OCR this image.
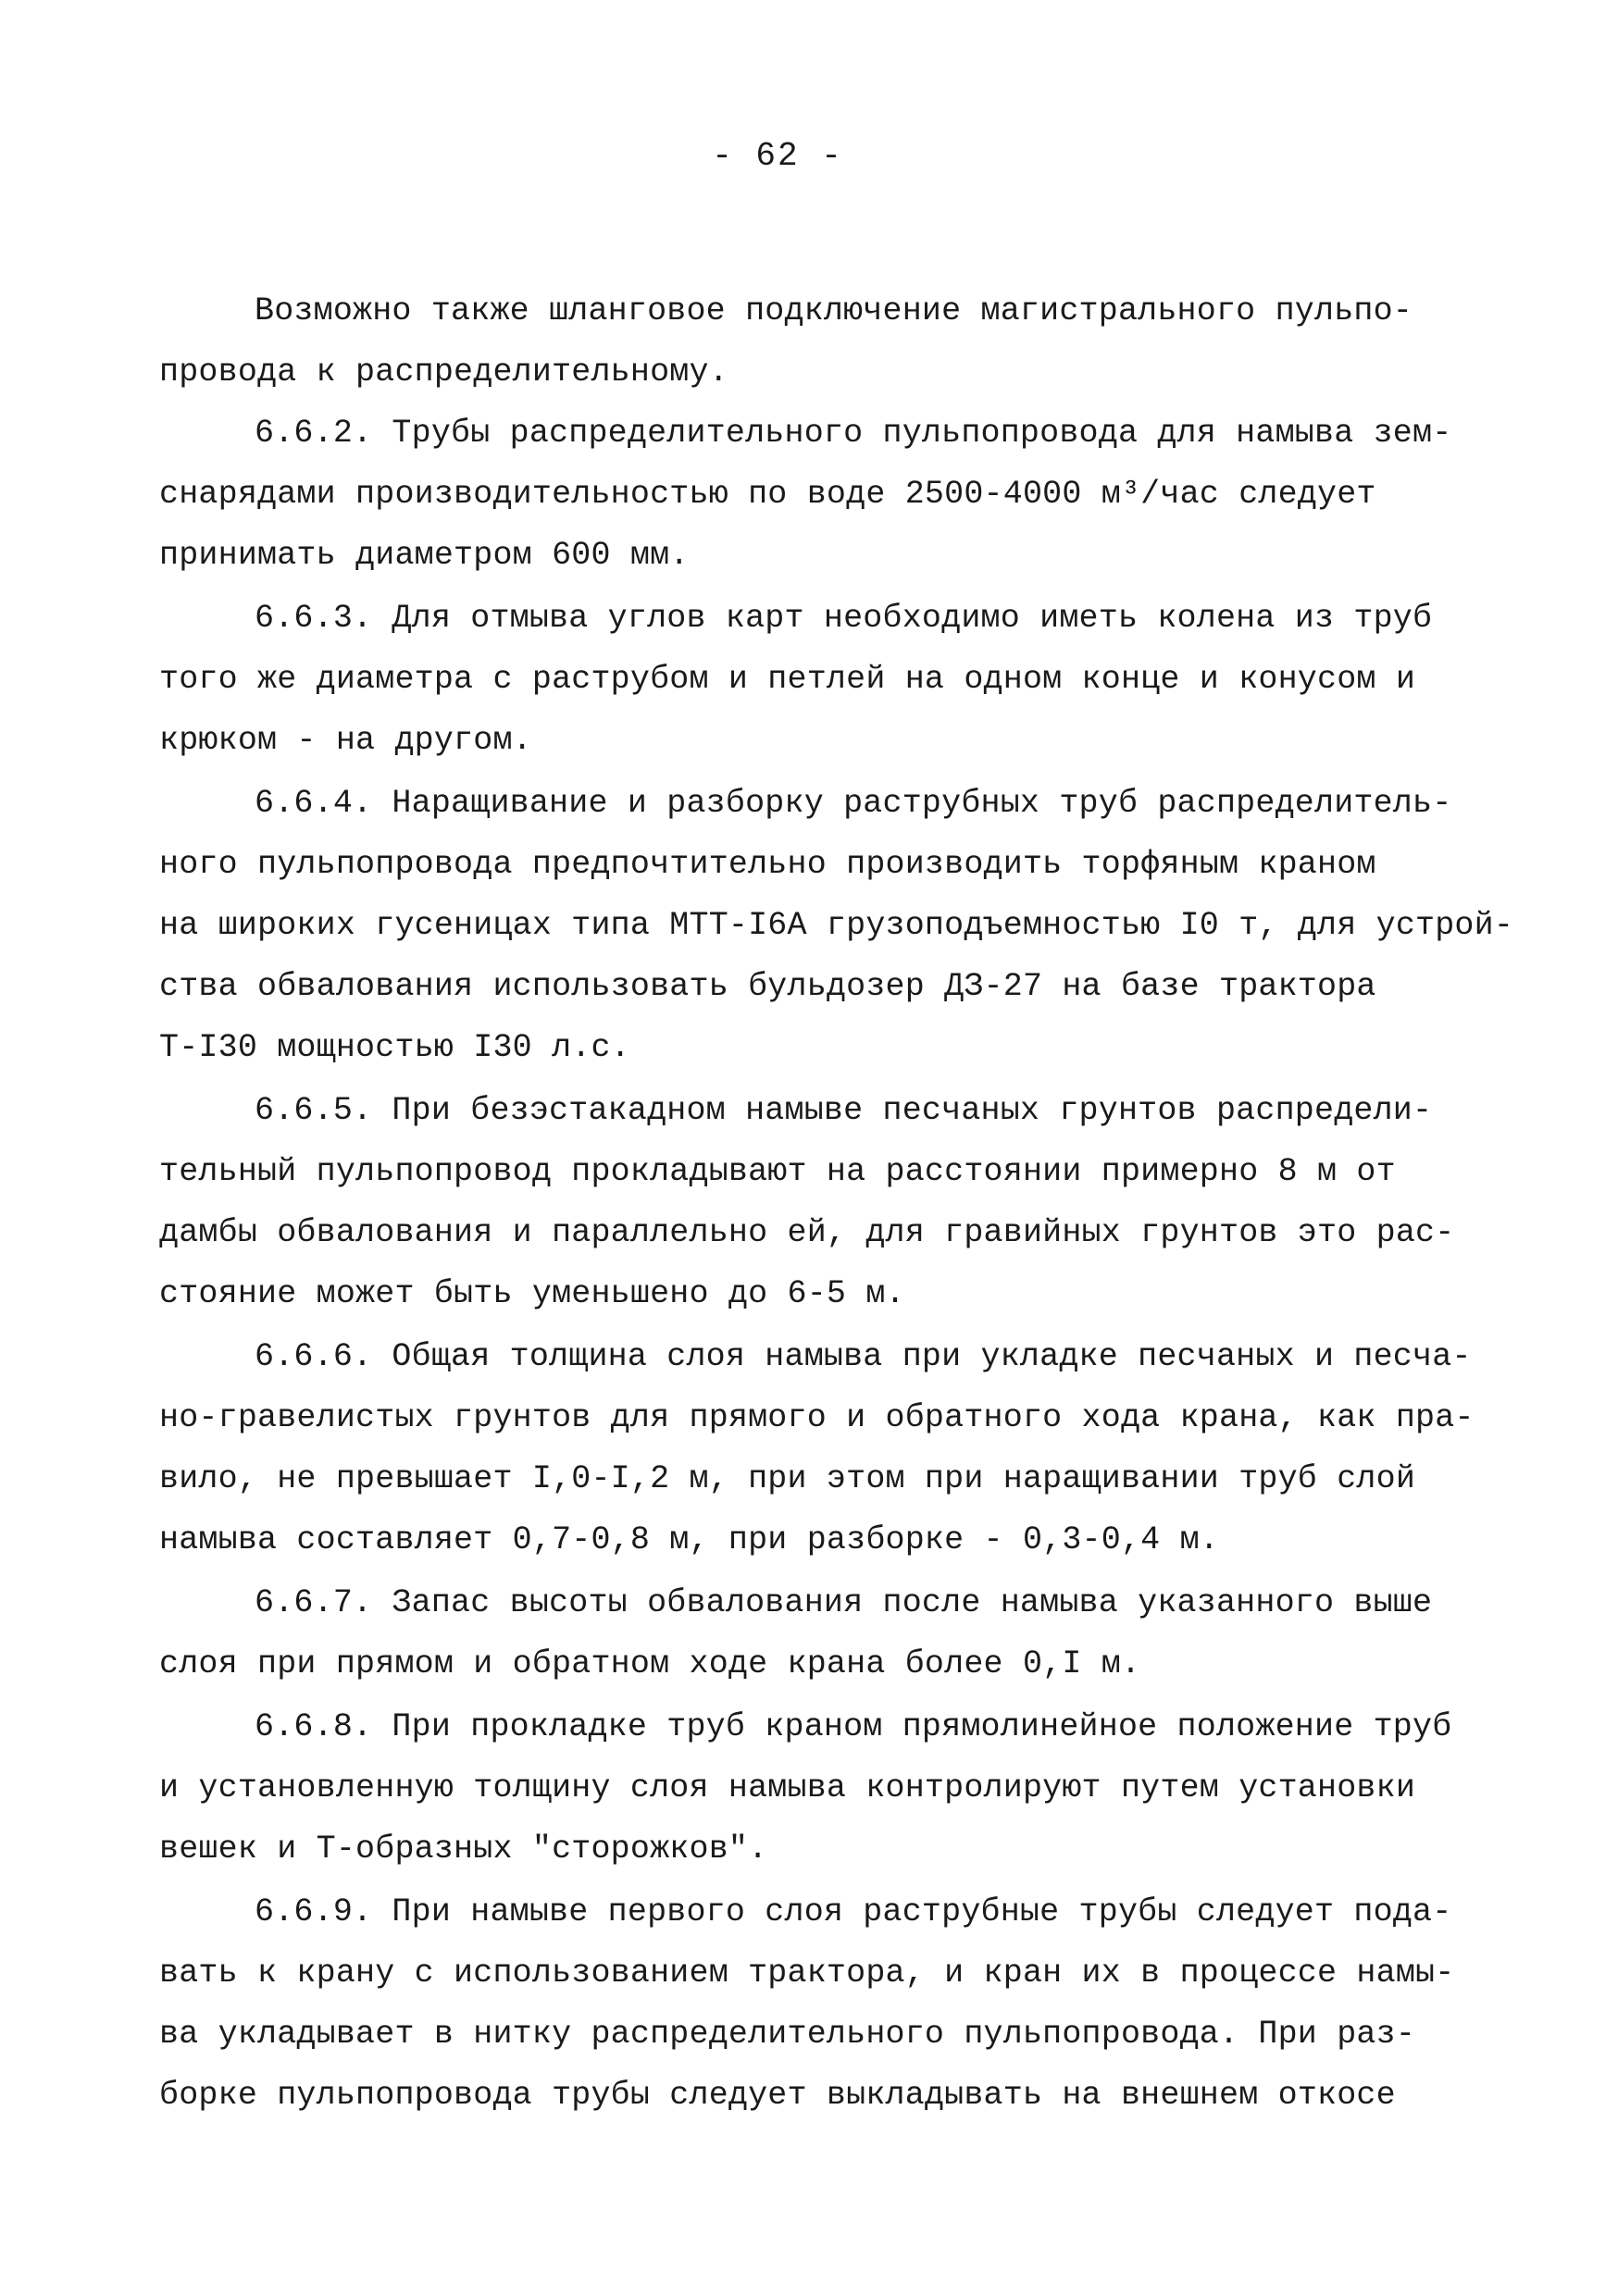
- 62 -
Возможно также шланговое подключение магистрального пульпо-
провода к распределительному.
6.6.2. Трубы распределительного пульпопровода для намыва зем-
снарядами производительностью по воде 2500-4000 м³/час следует
принимать диаметром 600 мм.
6.6.3. Для отмыва углов карт необходимо иметь колена из труб
того же диаметра с раструбом и петлей на одном конце и конусом и
крюком - на другом.
6.6.4. Наращивание и разборку раструбных труб распределитель-
ного пульпопровода предпочтительно производить торфяным краном
на широких гусеницах типа МТТ-I6А грузоподъемностью I0 т, для устрой-
ства обвалования использовать бульдозер ДЗ-27 на базе трактора
Т-I30 мощностью I30 л.с.
6.6.5. При безэстакадном намыве песчаных грунтов распредели-
тельный пульпопровод прокладывают на расстоянии примерно 8 м от
дамбы обвалования и параллельно ей, для гравийных грунтов это рас-
стояние может быть уменьшено до 6-5 м.
6.6.6. Общая толщина слоя намыва при укладке песчаных и песча-
но-гравелистых грунтов для прямого и обратного хода крана, как пра-
вило, не превышает I,0-I,2 м, при этом при наращивании труб слой
намыва составляет 0,7-0,8 м, при разборке - 0,3-0,4 м.
6.6.7. Запас высоты обвалования после намыва указанного выше
слоя при прямом и обратном ходе крана более 0,I м.
6.6.8. При прокладке труб краном прямолинейное положение труб
и установленную толщину слоя намыва контролируют путем установки
вешек и Т-образных "сторожков".
6.6.9. При намыве первого слоя раструбные трубы следует пода-
вать к крану с использованием трактора, и кран их в процессе намы-
ва укладывает в нитку распределительного пульпопровода. При раз-
борке пульпопровода трубы следует выкладывать на внешнем откосе
